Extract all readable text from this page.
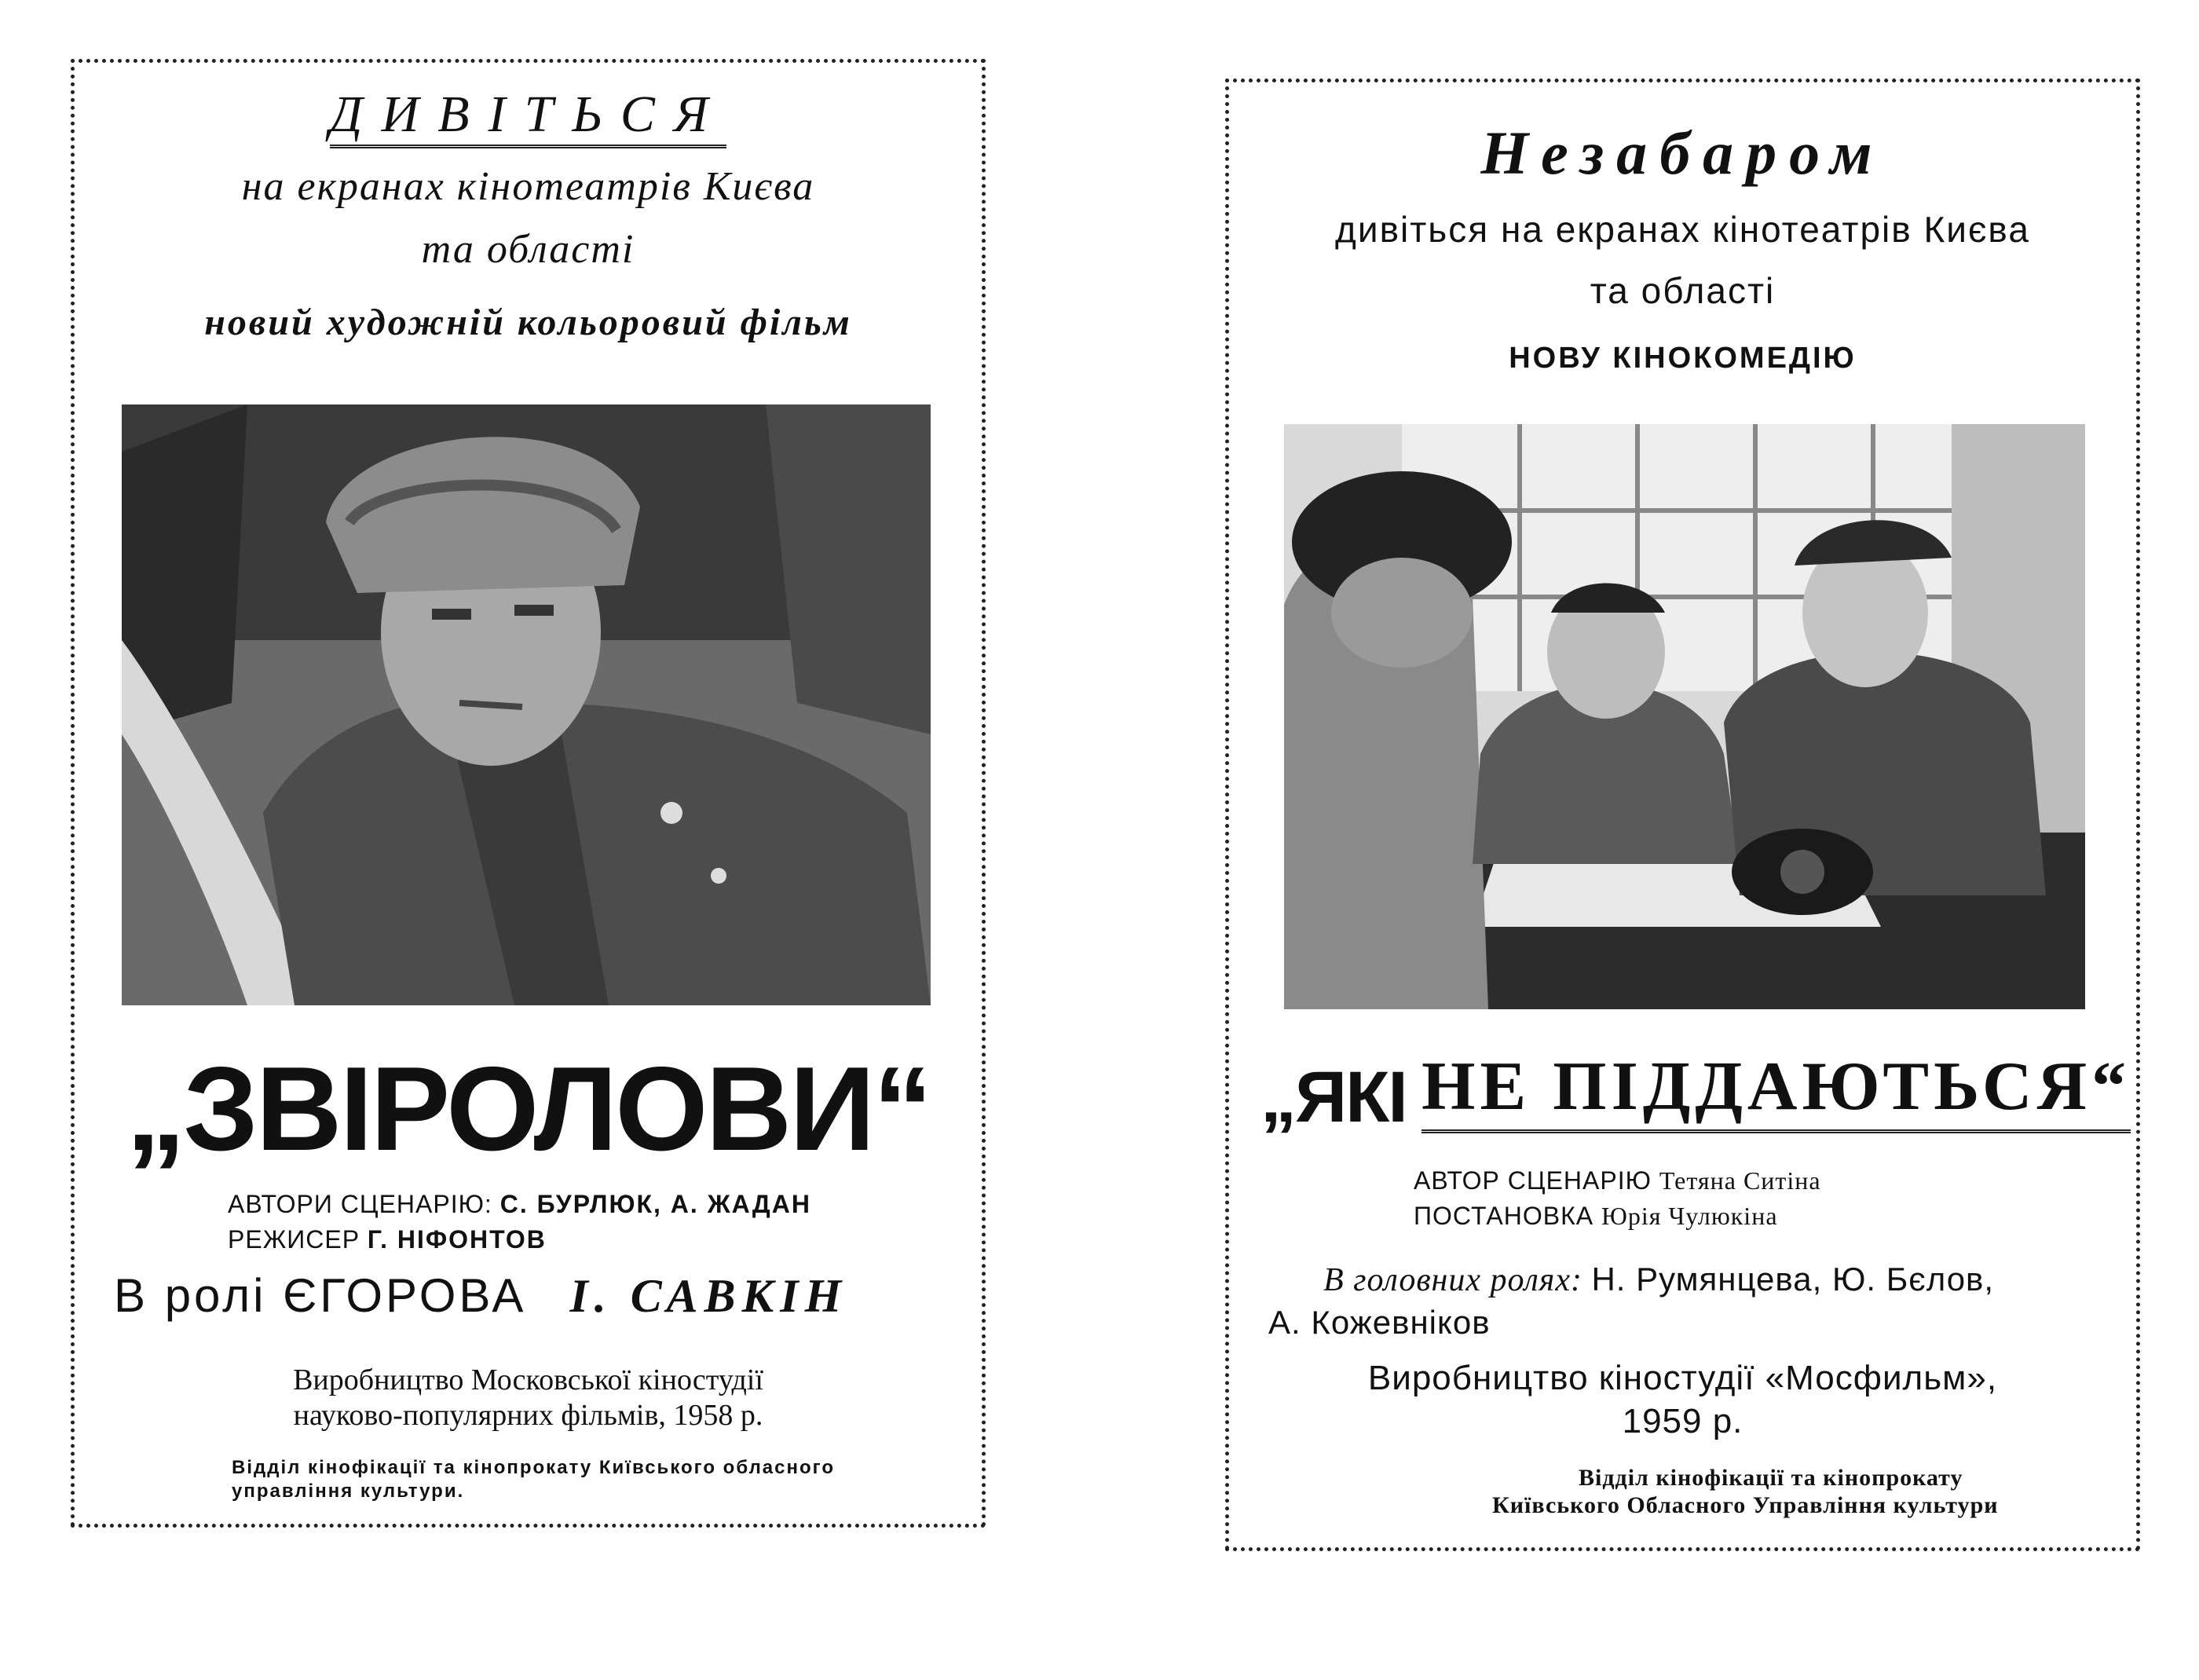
ДИВІТЬСЯ
на екранах кінотеатрів Києва
та області
новий художній кольоровий фільм
„ЗВІРОЛОВИ“
АВТОРИ СЦЕНАРІЮ: С. БУРЛЮК, А. ЖАДАН
РЕЖИСЕР Г. НІФОНТОВ
В ролі ЄГОРОВА І. САВКІН
Виробництво Московської кіностудії
науково-популярних фільмів, 1958 р.
Відділ кінофікації та кінопрокату Київського обласного
управління культури.
Незабаром
дивіться на екранах кінотеатрів Києва
та області
НОВУ КІНОКОМЕДІЮ
„ЯКІ НЕ ПІДДАЮТЬСЯ“
АВТОР СЦЕНАРІЮ Тетяна Ситіна
ПОСТАНОВКА Юрія Чулюкіна
В головних ролях: Н. Румянцева, Ю. Бєлов,
А. Кожевніков
Виробництво кіностудії «Мосфильм»,
1959 р.
Відділ кінофікації та кінопрокату
Київського Обласного Управління культури
